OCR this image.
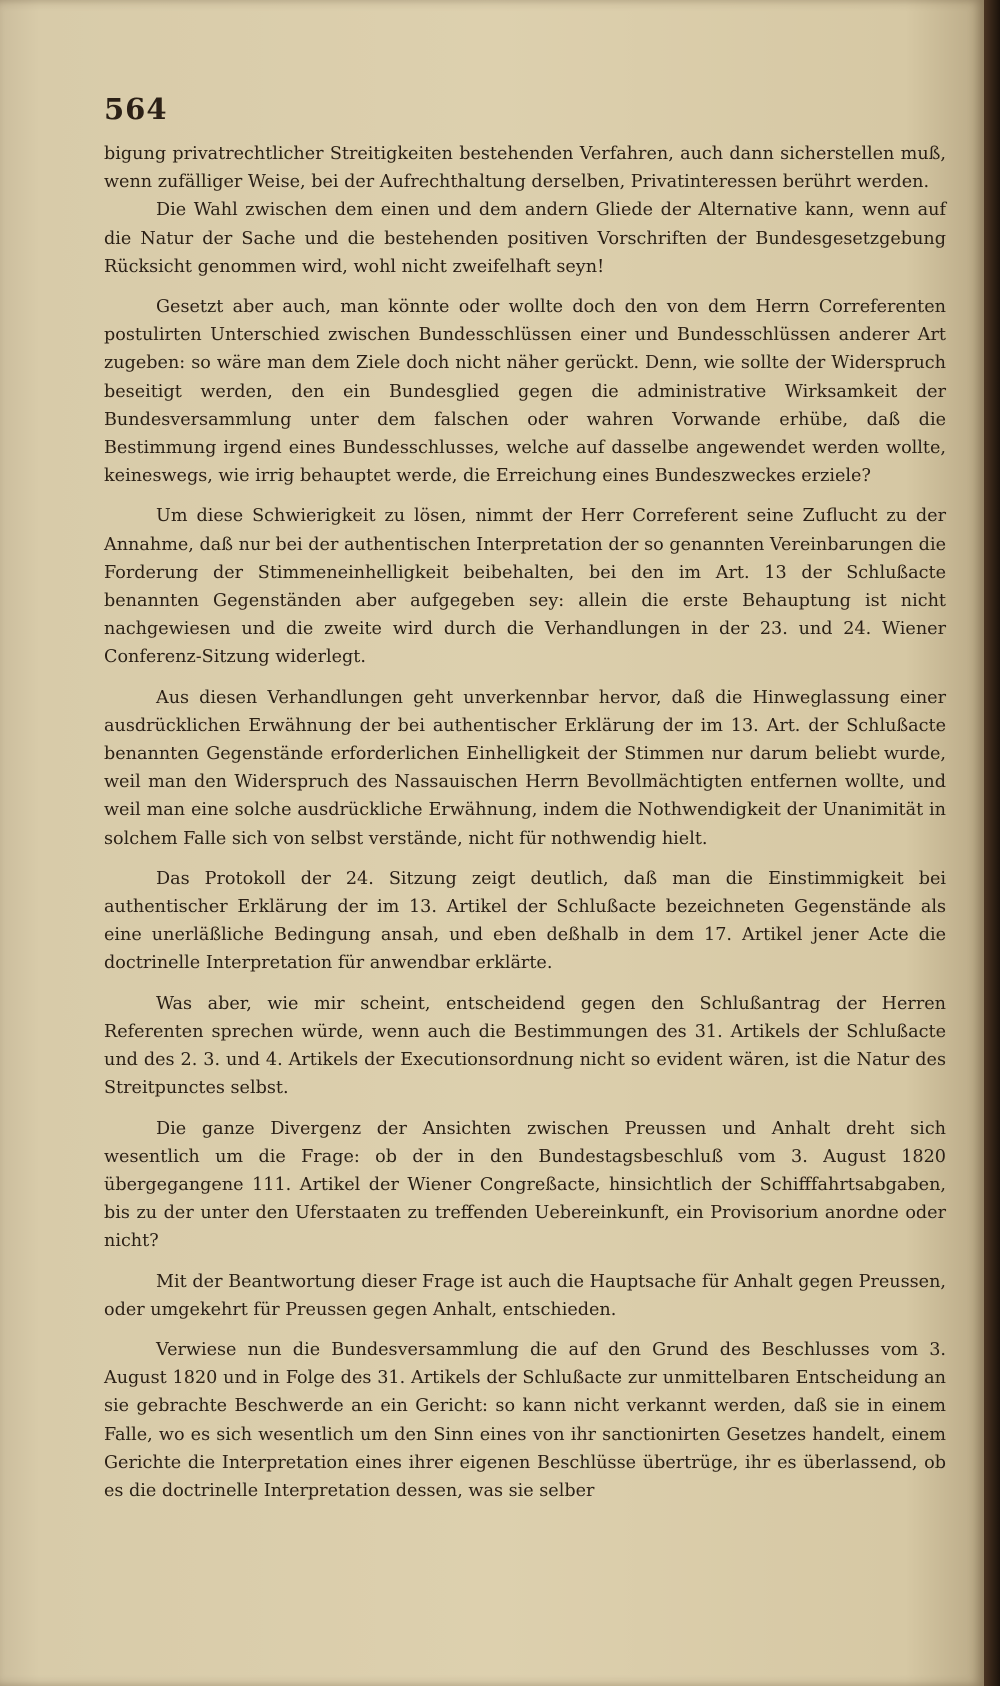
564

bigung privatrechtlicher Streitigkeiten bestehenden Verfahren, auch dann sicherstellen muß, wenn zufälliger Weise, bei der Aufrechthaltung derselben, Privatinteressen berührt werden.

Die Wahl zwischen dem einen und dem andern Gliede der Alternative kann, wenn auf die Natur der Sache und die bestehenden positiven Vorschriften der Bundesgesetzgebung Rücksicht genommen wird, wohl nicht zweifelhaft seyn!

Gesetzt aber auch, man könnte oder wollte doch den von dem Herrn Correferenten postulirten Unterschied zwischen Bundesschlüssen einer und Bundesschlüssen anderer Art zugeben: so wäre man dem Ziele doch nicht näher gerückt. Denn, wie sollte der Widerspruch beseitigt werden, den ein Bundesglied gegen die administrative Wirksamkeit der Bundesversammlung unter dem falschen oder wahren Vorwande erhübe, daß die Bestimmung irgend eines Bundesschlusses, welche auf dasselbe angewendet werden wollte, keineswegs, wie irrig behauptet werde, die Erreichung eines Bundeszweckes erziele?

Um diese Schwierigkeit zu lösen, nimmt der Herr Correferent seine Zuflucht zu der Annahme, daß nur bei der authentischen Interpretation der so genannten Vereinbarungen die Forderung der Stimmeneinhelligkeit beibehalten, bei den im Art. 13 der Schlußacte benannten Gegenständen aber aufgegeben sey: allein die erste Behauptung ist nicht nachgewiesen und die zweite wird durch die Verhandlungen in der 23. und 24. Wiener Conferenz-Sitzung widerlegt.

Aus diesen Verhandlungen geht unverkennbar hervor, daß die Hinweglassung einer ausdrücklichen Erwähnung der bei authentischer Erklärung der im 13. Art. der Schlußacte benannten Gegenstände erforderlichen Einhelligkeit der Stimmen nur darum beliebt wurde, weil man den Widerspruch des Nassauischen Herrn Bevollmächtigten entfernen wollte, und weil man eine solche ausdrückliche Erwähnung, indem die Nothwendigkeit der Unanimität in solchem Falle sich von selbst verstände, nicht für nothwendig hielt.

Das Protokoll der 24. Sitzung zeigt deutlich, daß man die Einstimmigkeit bei authentischer Erklärung der im 13. Artikel der Schlußacte bezeichneten Gegenstände als eine unerläßliche Bedingung ansah, und eben deßhalb in dem 17. Artikel jener Acte die doctrinelle Interpretation für anwendbar erklärte.

Was aber, wie mir scheint, entscheidend gegen den Schlußantrag der Herren Referenten sprechen würde, wenn auch die Bestimmungen des 31. Artikels der Schlußacte und des 2. 3. und 4. Artikels der Executionsordnung nicht so evident wären, ist die Natur des Streitpunctes selbst.

Die ganze Divergenz der Ansichten zwischen Preussen und Anhalt dreht sich wesentlich um die Frage: ob der in den Bundestagsbeschluß vom 3. August 1820 übergegangene 111. Artikel der Wiener Congreßacte, hinsichtlich der Schifffahrtsabgaben, bis zu der unter den Uferstaaten zu treffenden Uebereinkunft, ein Provisorium anordne oder nicht?

Mit der Beantwortung dieser Frage ist auch die Hauptsache für Anhalt gegen Preussen, oder umgekehrt für Preussen gegen Anhalt, entschieden.

Verwiese nun die Bundesversammlung die auf den Grund des Beschlusses vom 3. August 1820 und in Folge des 31. Artikels der Schlußacte zur unmittelbaren Entscheidung an sie gebrachte Beschwerde an ein Gericht: so kann nicht verkannt werden, daß sie in einem Falle, wo es sich wesentlich um den Sinn eines von ihr sanctionirten Gesetzes handelt, einem Gerichte die Interpretation eines ihrer eigenen Beschlüsse übertrüge, ihr es überlassend, ob es die doctrinelle Interpretation dessen, was sie selber
